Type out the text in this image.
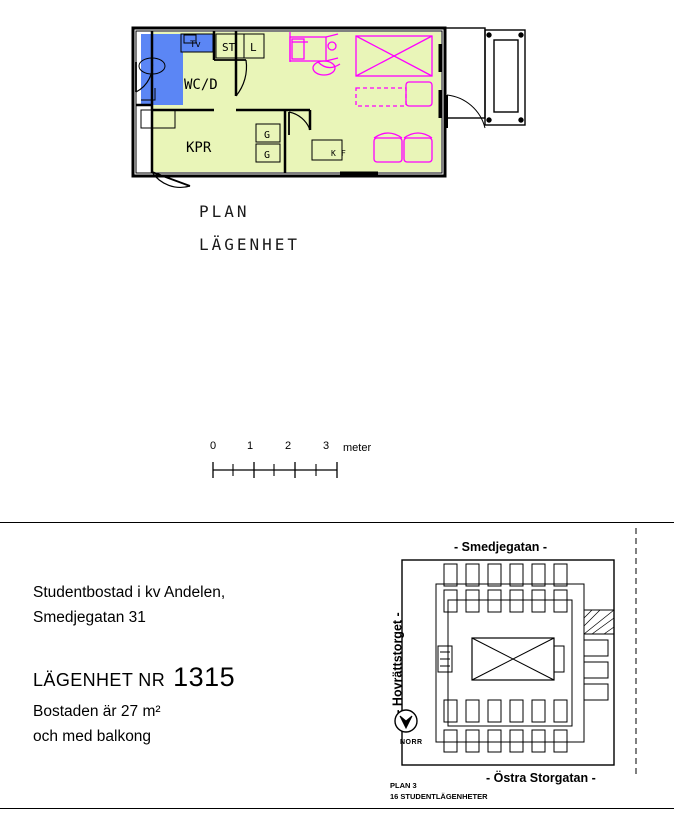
WC/D
KPR
ST L
Tv
G
G	K F
PLAN
LÄGENHET
0	1	2	3 meter
Studentbostad i kv Andelen,
Smedjegatan 31
LÄGENHET NR 1315
Bostaden är 27 m²
och med balkong
- Smedjegatan -
- Östra Storgatan -
- Hovrättstorget -
NORR
PLAN 3
16 STUDENTLÄGENHETER
